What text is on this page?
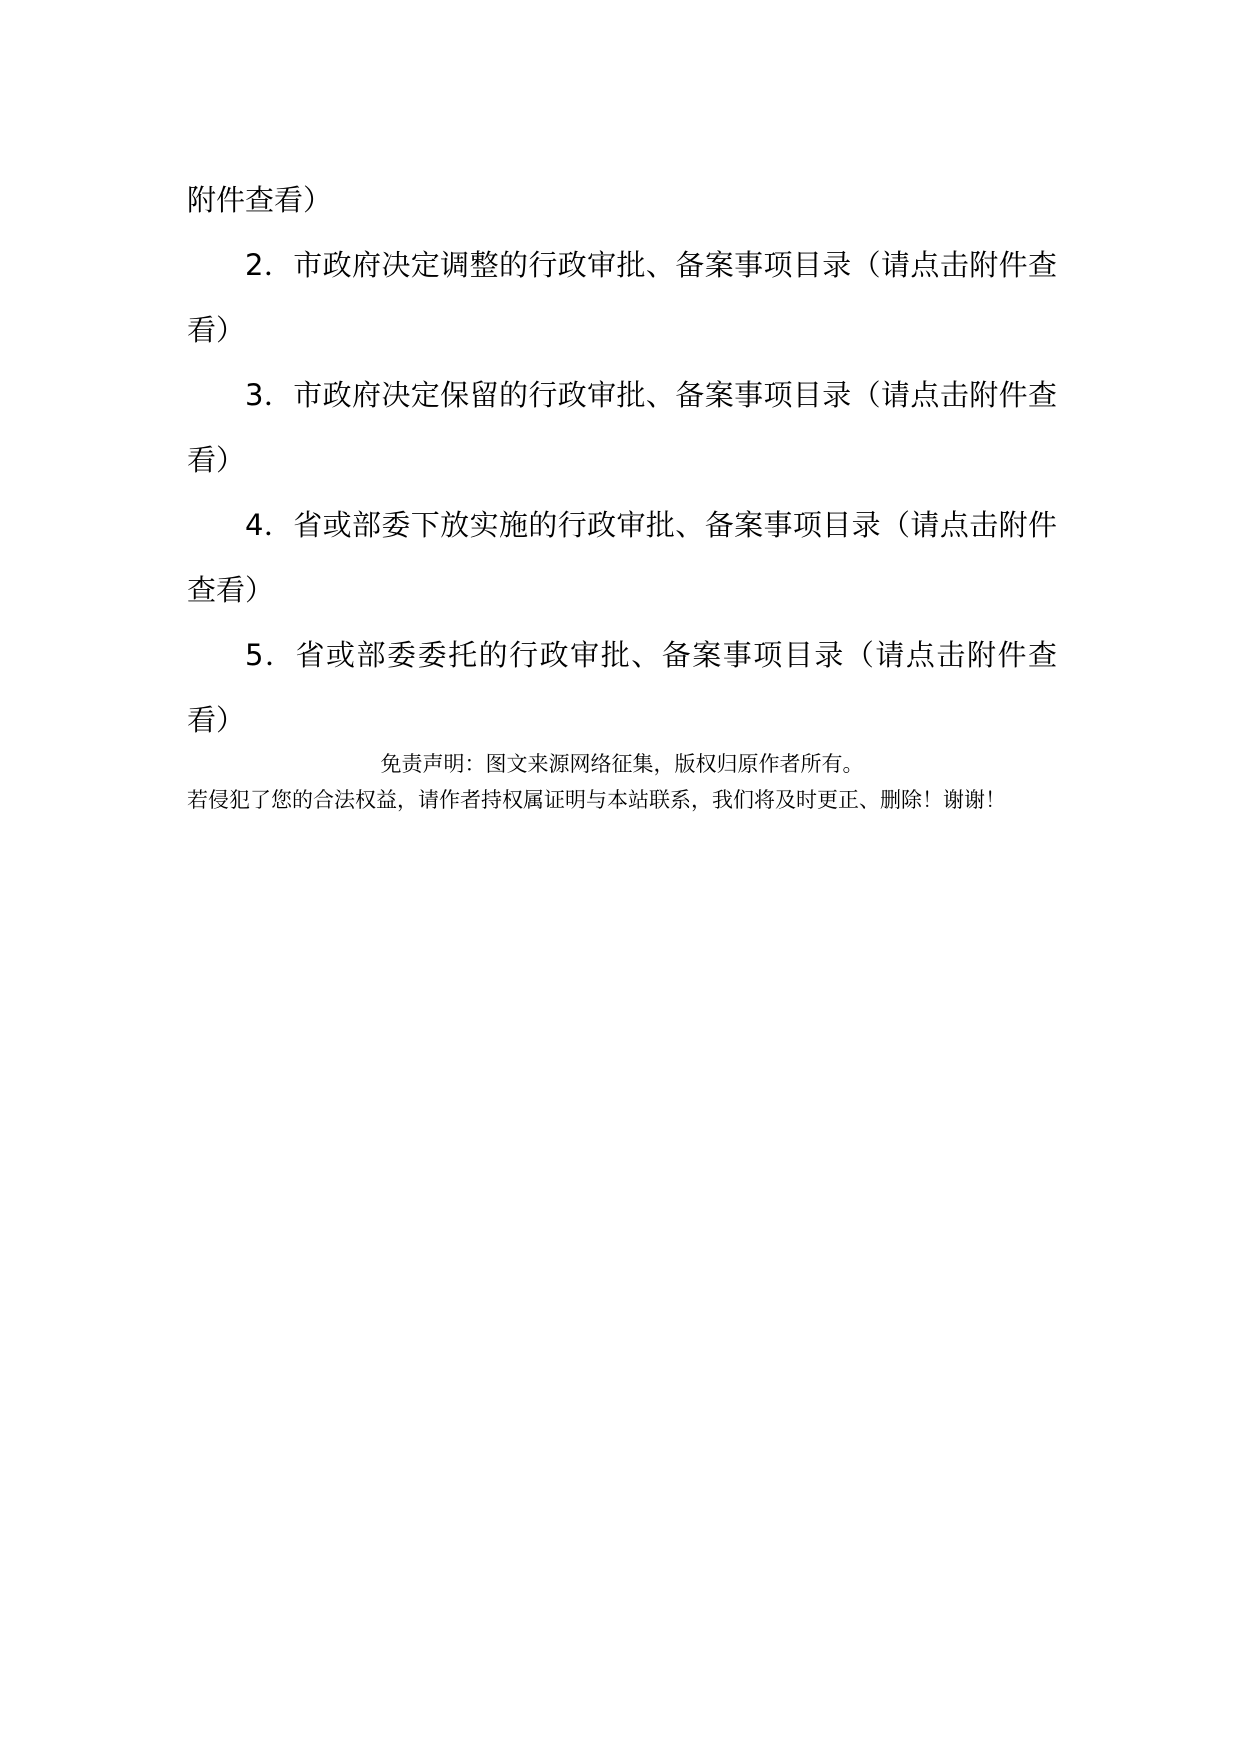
附件查看）

2．市政府决定调整的行政审批、备案事项目录（请点击附件查看）

3．市政府决定保留的行政审批、备案事项目录（请点击附件查看）

4．省或部委下放实施的行政审批、备案事项目录（请点击附件查看）

5．省或部委委托的行政审批、备案事项目录（请点击附件查看）

免责声明：图文来源网络征集，版权归原作者所有。

若侵犯了您的合法权益，请作者持权属证明与本站联系，我们将及时更正、删除！谢谢！
